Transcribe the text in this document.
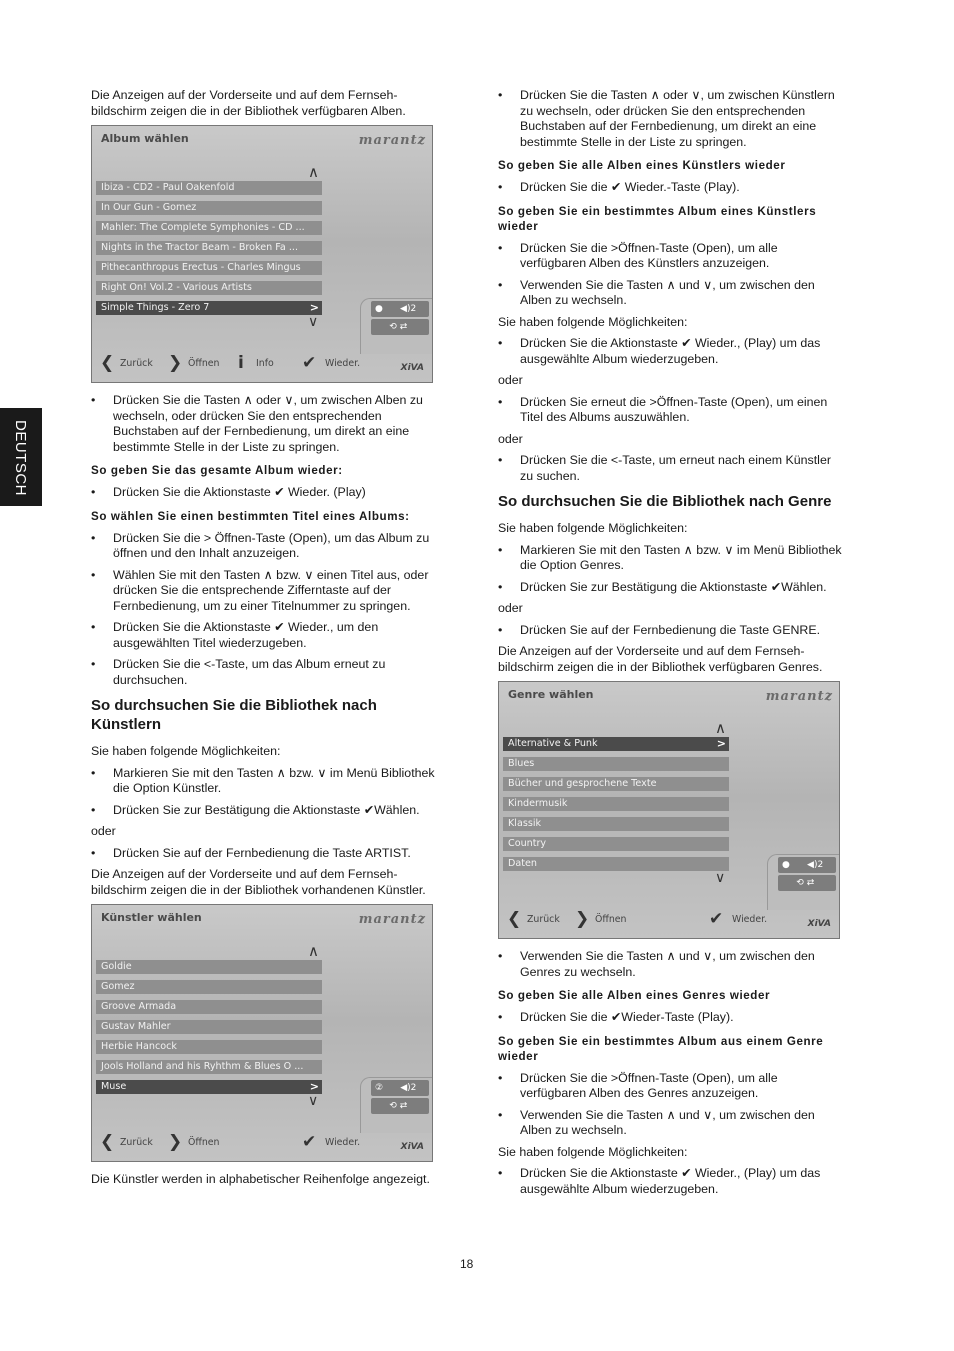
DEUTSCH

Die Anzeigen auf der Vorderseite und auf dem Fernseh-bildschirm zeigen die in der Bibliothek verfügbaren Alben.

Album wählen	marantz
∧
Ibiza - CD2 - Paul Oakenfold
In Our Gun - Gomez
Mahler: The Complete Symphonies - CD ...
Nights in the Tractor Beam - Broken Fa ...
Pithecanthropus Erectus - Charles Mingus
Right On! Vol.2 - Various Artists
Simple Things - Zero 7	>
∨
●      ◀)2
⟲ ⇄
❮ Zurück ❯ Öffnen i Info ✔ Wieder.	XiVA
• Drücken Sie die Tasten ∧ oder ∨, um zwischen Alben zu wechseln, oder drücken Sie den entsprechenden Buchstaben auf der Fernbedienung, um direkt an eine bestimmte Stelle in der Liste zu springen.
So geben Sie das gesamte Album wieder:
• Drücken Sie die Aktionstaste ✔ Wieder. (Play)
So wählen Sie einen bestimmten Titel eines Albums:
• Drücken Sie die > Öffnen-Taste (Open), um das Album zu öffnen und den Inhalt anzuzeigen.
• Wählen Sie mit den Tasten ∧ bzw. ∨ einen Titel aus, oder drücken Sie die entsprechende Zifferntaste auf der Fernbedienung, um zu einer Titelnummer zu springen.
• Drücken Sie die Aktionstaste ✔ Wieder., um den ausgewählten Titel wiederzugeben.
• Drücken Sie die <-Taste, um das Album erneut zu durchsuchen.
So durchsuchen Sie die Bibliothek nach Künstlern

Sie haben folgende Möglichkeiten:

• Markieren Sie mit den Tasten ∧ bzw. ∨ im Menü Bibliothek die Option Künstler.
• Drücken Sie zur Bestätigung die Aktionstaste ✔Wählen.

oder

• Drücken Sie auf der Fernbedienung die Taste ARTIST.

Die Anzeigen auf der Vorderseite und auf dem Fernseh-bildschirm zeigen die in der Bibliothek vorhandenen Künstler.

Künstler wählen	marantz
∧
Goldie
Gomez
Groove Armada
Gustav Mahler
Herbie Hancock
Jools Holland and his Ryhthm & Blues O ...
Muse	>
∨
②      ◀)2
⟲ ⇄
❮ Zurück ❯ Öffnen	✔ Wieder.	XiVA

Die Künstler werden in alphabetischer Reihenfolge angezeigt.

• Drücken Sie die Tasten ∧ oder ∨, um zwischen Künstlern zu wechseln, oder drücken Sie den entsprechenden Buchstaben auf der Fernbedienung, um direkt an eine bestimmte Stelle in der Liste zu springen.
So geben Sie alle Alben eines Künstlers wieder
• Drücken Sie die ✔ Wieder.-Taste (Play).
So geben Sie ein bestimmtes Album eines Künstlers wieder
• Drücken Sie die >Öffnen-Taste (Open), um alle verfügbaren Alben des Künstlers anzuzeigen.
• Verwenden Sie die Tasten ∧ und ∨, um zwischen den Alben zu wechseln.

Sie haben folgende Möglichkeiten:

• Drücken Sie die Aktionstaste ✔ Wieder., (Play) um das ausgewählte Album wiederzugeben.

oder

• Drücken Sie erneut die >Öffnen-Taste (Open), um einen Titel des Albums auszuwählen.

oder

• Drücken Sie die <-Taste, um erneut nach einem Künstler zu suchen.
So durchsuchen Sie die Bibliothek nach Genre

Sie haben folgende Möglichkeiten:

• Markieren Sie mit den Tasten ∧ bzw. ∨ im Menü Bibliothek die Option Genres.
• Drücken Sie zur Bestätigung die Aktionstaste ✔Wählen.

oder

• Drücken Sie auf der Fernbedienung die Taste GENRE.

Die Anzeigen auf der Vorderseite und auf dem Fernseh-bildschirm zeigen die in der Bibliothek verfügbaren Genres.

Genre wählen	marantz
∧
Alternative & Punk	>
Blues
Bücher und gesprochene Texte
Kindermusik
Klassik
Country
Daten
∨
●      ◀)2
⟲ ⇄
❮ Zurück ❯ Öffnen	✔ Wieder.	XiVA
• Verwenden Sie die Tasten ∧ und ∨, um zwischen den Genres zu wechseln.
So geben Sie alle Alben eines Genres wieder
• Drücken Sie die ✔Wieder-Taste (Play).
So geben Sie ein bestimmtes Album aus einem Genre wieder
• Drücken Sie die >Öffnen-Taste (Open), um alle verfügbaren Alben des Genres anzuzeigen.
• Verwenden Sie die Tasten ∧ und ∨, um zwischen den Alben zu wechseln.

Sie haben folgende Möglichkeiten:

• Drücken Sie die Aktionstaste ✔ Wieder., (Play) um das ausgewählte Album wiederzugeben.
18
